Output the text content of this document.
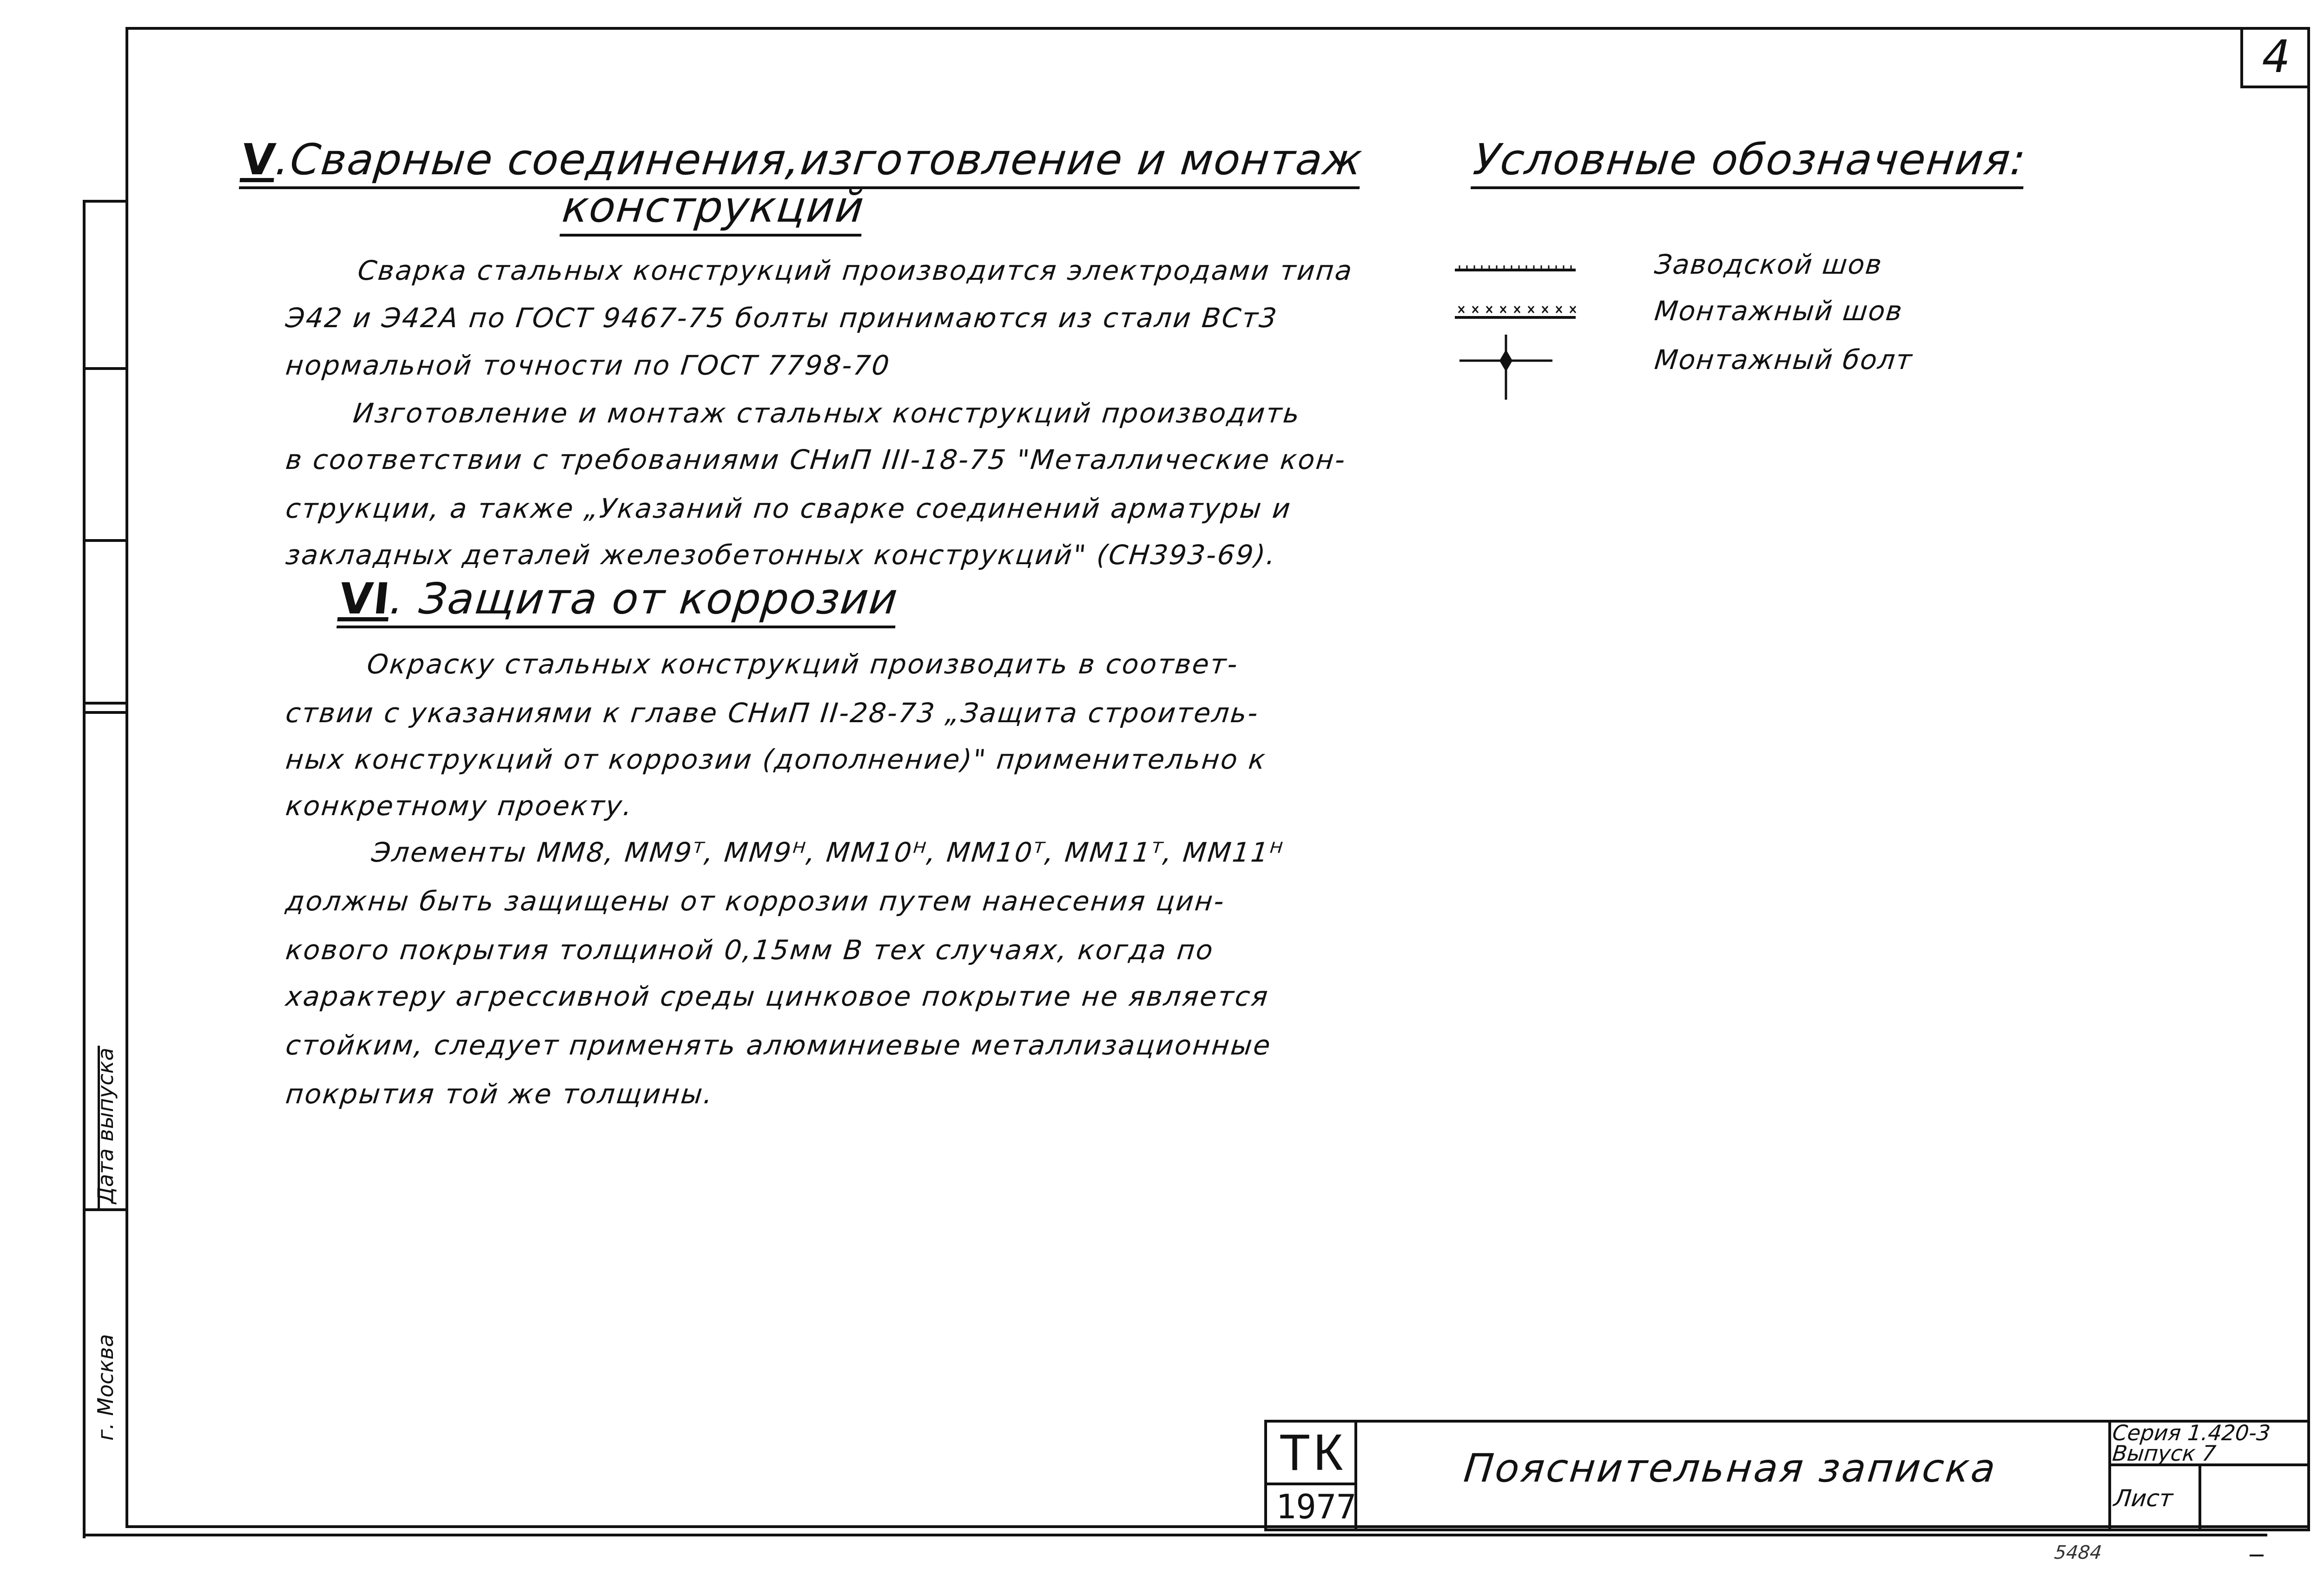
Дата выпуска
г. Москва
4
V.Сварные соединения,изготовление и монтаж
конструкций
Сварка стальных конструкций производится электродами типа
Э42 и Э42А по ГОСТ 9467-75 болты принимаются из стали ВСт3
нормальной точности по ГОСТ 7798-70
Изготовление и монтаж стальных конструкций производить
в соответствии с требованиями СНиП III-18-75 "Металлические кон-
струкции, а также „Указаний по сварке соединений арматуры и
закладных деталей железобетонных конструкций" (СН393-69).
VI. Защита от коррозии
Окраску стальных конструкций производить в соответ-
ствии с указаниями к главе СНиП II-28-73 „Защита строитель-
ных конструкций от коррозии (дополнение)" применительно к
конкретному проекту.
Элементы ММ8, ММ9ᵀ, ММ9ᴴ, ММ10ᴴ, ММ10ᵀ, ММ11ᵀ, ММ11ᴴ
должны быть защищены от коррозии путем нанесения цин-
кового покрытия толщиной 0,15мм В тех случаях, когда по
характеру агрессивной среды цинковое покрытие не является
стойким, следует применять алюминиевые металлизационные
покрытия той же толщины.
Условные обозначения:
Заводской шов
Монтажный шов
Монтажный болт
ТК
1977
Пояснительная записка
Серия 1.420-3
Выпуск 7
Лист
5484
